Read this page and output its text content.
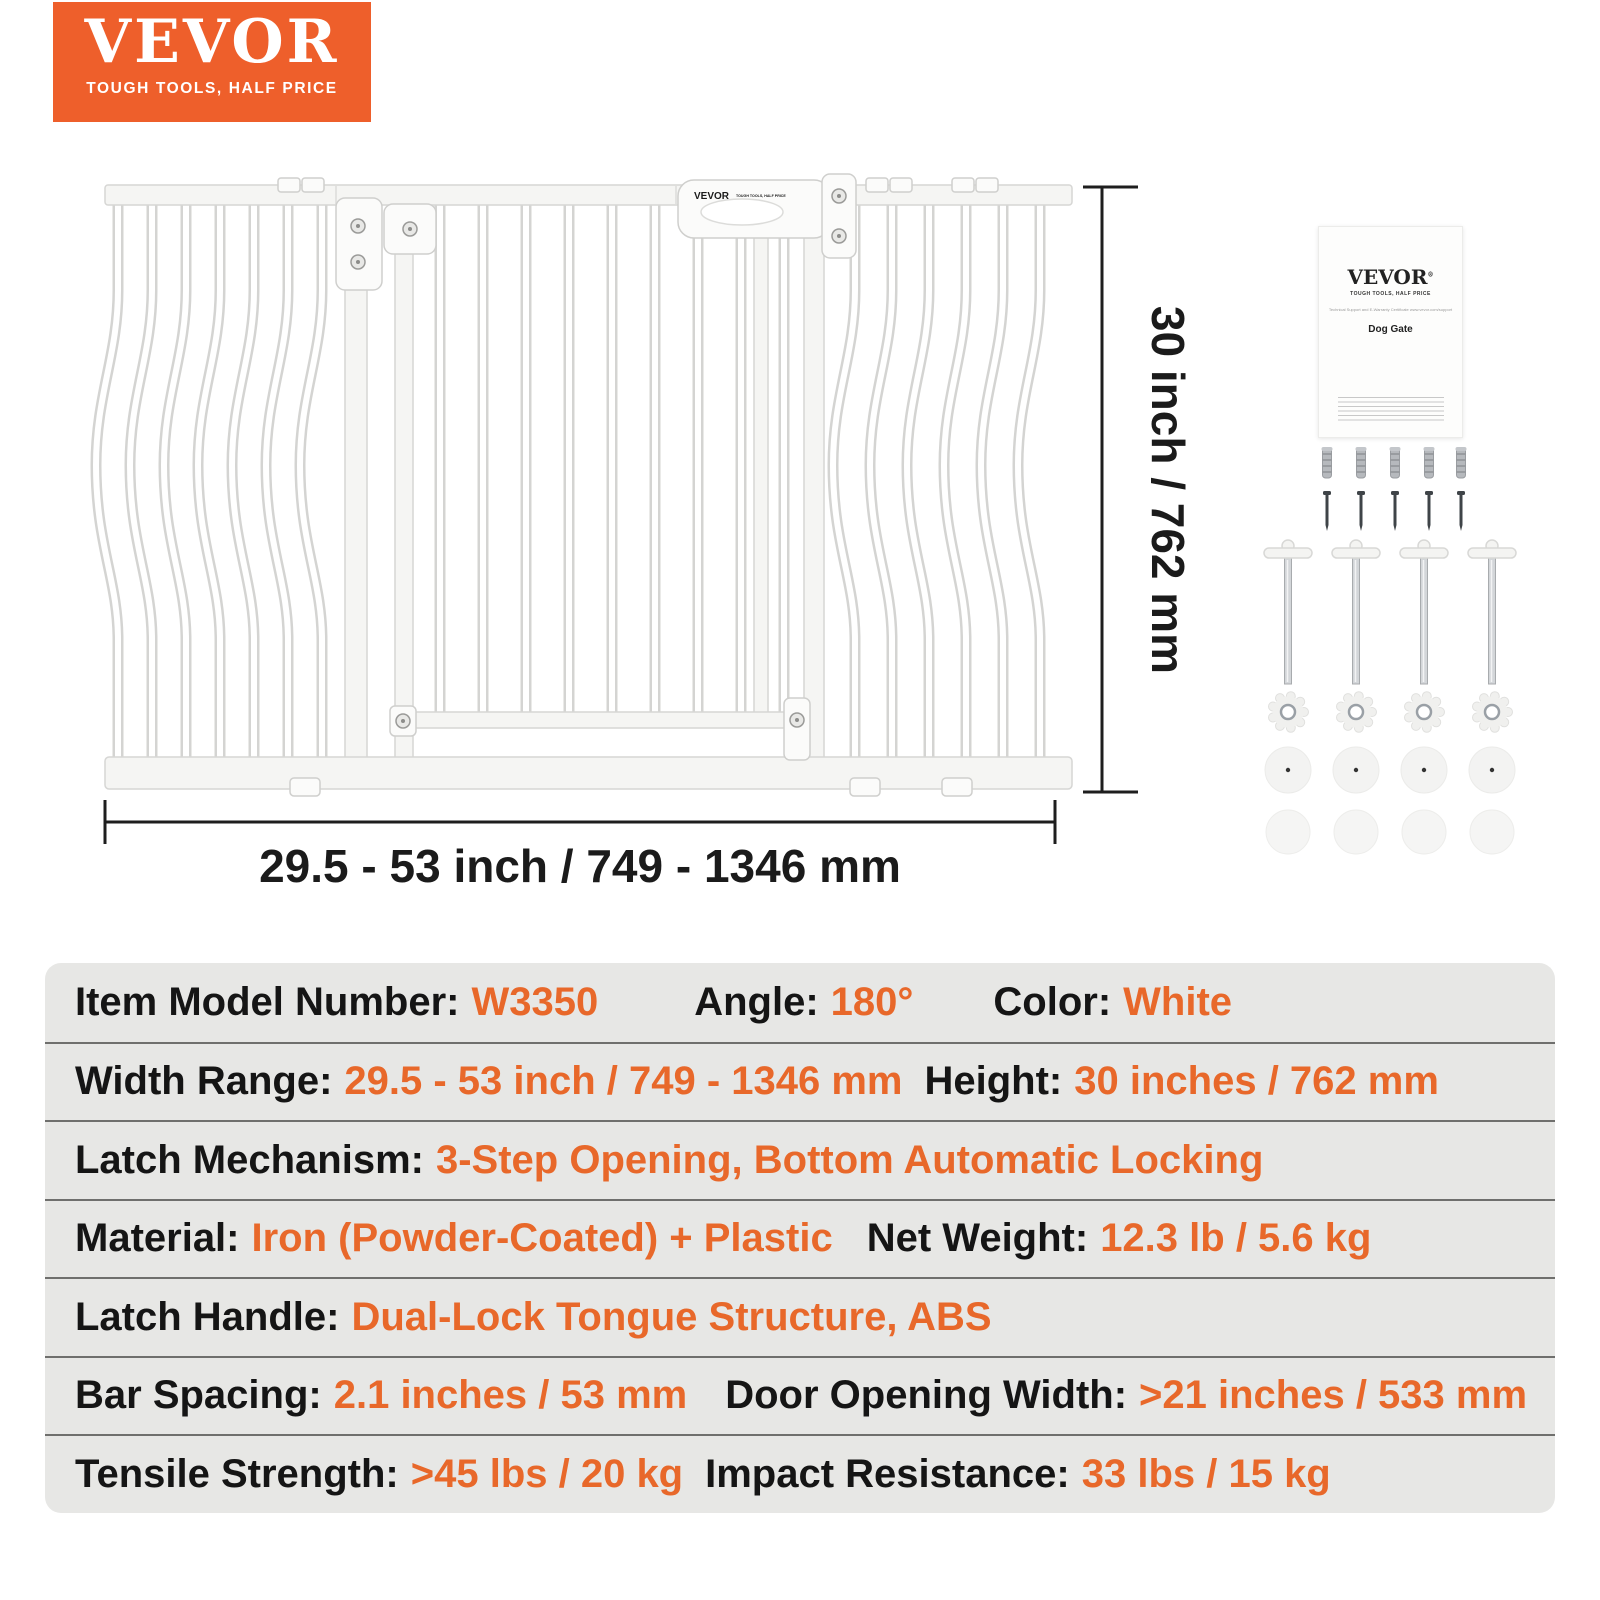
VEVOR
TOUGH TOOLS, HALF PRICE
VEVOR TOUGH TOOLS, HALF PRICE
30 inch / 762 mm
29.5 - 53 inch / 749 - 1346 mm
VEVOR®
TOUGH TOOLS, HALF PRICE
Technical Support and E-Warranty Certificate www.vevor.com/support
Dog Gate
Item Model Number: W3350 Angle: 180° Color: White
Width Range: 29.5 - 53 inch / 749 - 1346 mm Height: 30 inches / 762 mm
Latch Mechanism: 3-Step Opening, Bottom Automatic Locking
Material: Iron (Powder-Coated) + Plastic Net Weight: 12.3 lb / 5.6 kg
Latch Handle: Dual-Lock Tongue Structure, ABS
Bar Spacing: 2.1 inches / 53 mm Door Opening Width: >21 inches / 533 mm
Tensile Strength: >45 lbs / 20 kg Impact Resistance: 33 lbs / 15 kg
